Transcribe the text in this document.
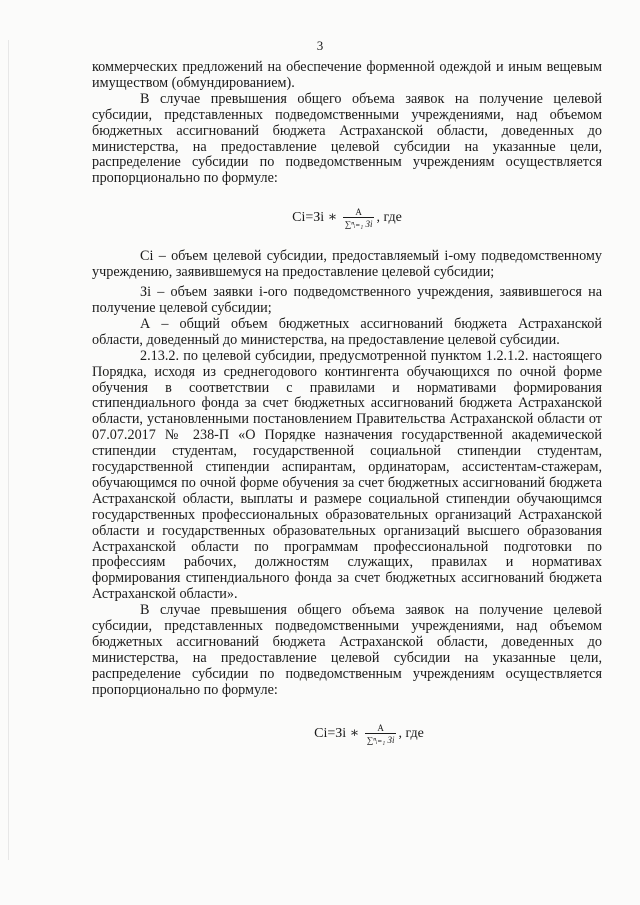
3

коммерческих предложений на обеспечение форменной одеждой и иным вещевым имуществом (обмундированием).

В случае превышения общего объема заявок на получение целевой субсидии, представленных подведомственными учреждениями, над объемом бюджетных ассигнований бюджета Астраханской области, доведенных до министерства, на предоставление целевой субсидии на указанные цели, распределение субсидии по подведомственным учреждениям осуществляется пропорционально по формуле:

Ci=Зi ∗ $\frac{A}{\text{∑ⁿᵢ₌₁ Зi}}$ , где

Ci – объем целевой субсидии, предоставляемый i-ому подведомственному учреждению, заявившемуся на предоставление целевой субсидии;

Зi – объем заявки i-ого подведомственного учреждения, заявившегося на получение целевой субсидии;

А – общий объем бюджетных ассигнований бюджета Астраханской области, доведенный до министерства, на предоставление целевой субсидии.

2.13.2. по целевой субсидии, предусмотренной пунктом 1.2.1.2. настоящего Порядка, исходя из среднегодового контингента обучающихся по очной форме обучения в соответствии с правилами и нормативами формирования стипендиального фонда за счет бюджетных ассигнований бюджета Астраханской области, установленными постановлением Правительства Астраханской области от 07.07.2017 № 238-П «О Порядке назначения государственной академической стипендии студентам, государственной социальной стипендии студентам, государственной стипендии аспирантам, ординаторам, ассистентам-стажерам, обучающимся по очной форме обучения за счет бюджетных ассигнований бюджета Астраханской области, выплаты и размере социальной стипендии обучающимся государственных профессиональных образовательных организаций Астраханской области и государственных образовательных организаций высшего образования Астраханской области по программам профессиональной подготовки по профессиям рабочих, должностям служащих, правилах и нормативах формирования стипендиального фонда за счет бюджетных ассигнований бюджета Астраханской области».

В случае превышения общего объема заявок на получение целевой субсидии, представленных подведомственными учреждениями, над объемом бюджетных ассигнований бюджета Астраханской области, доведенных до министерства, на предоставление целевой субсидии на указанные цели, распределение субсидии по подведомственным учреждениям осуществляется пропорционально по формуле:

Ci=Зi ∗ $\frac{A}{\text{∑ⁿᵢ₌₁ Зi}}$ , где
